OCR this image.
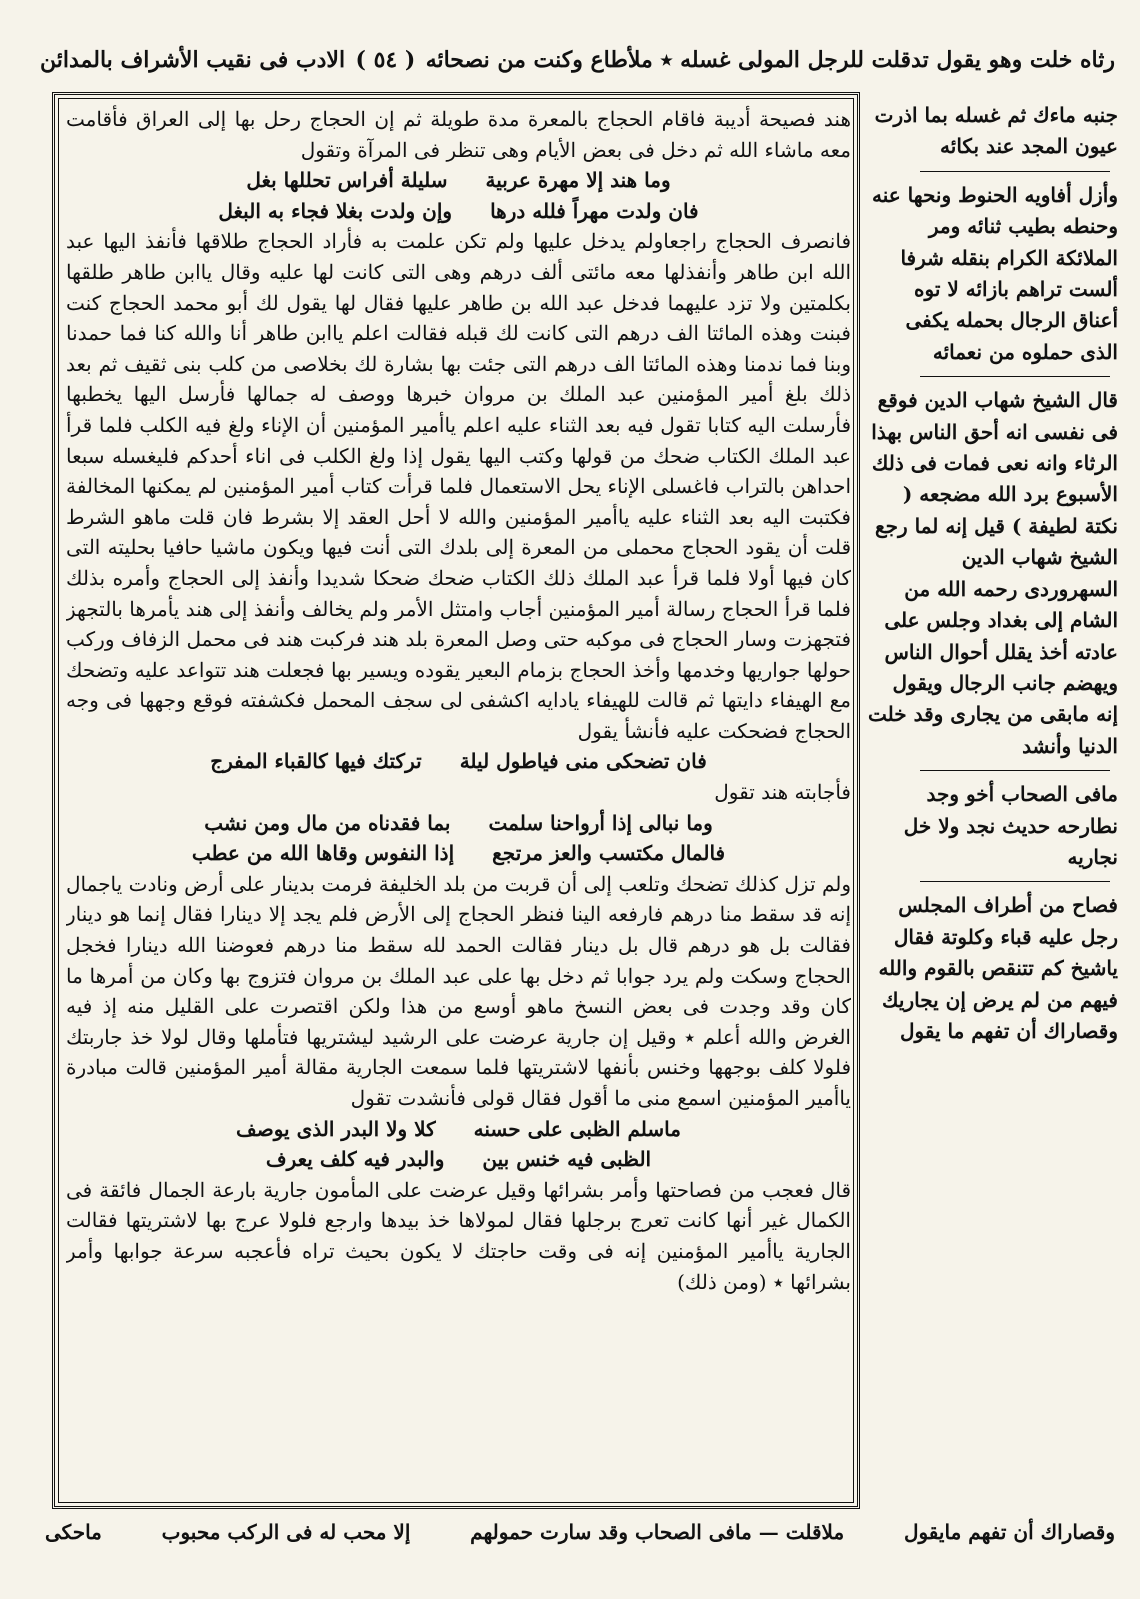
رثاه خلت وهو يقول تدقلت للرجل المولى غسله ٭ ملأطاع وكنت من نصحائه
( ٥٤ )
الادب فى نقيب الأشراف بالمدائن

هند فصيحة أديبة فاقام الحجاج بالمعرة مدة طويلة ثم إن الحجاج رحل بها إلى العراق فأقامت معه ماشاء الله ثم دخل فى بعض الأيام وهى تنظر فى المرآة وتقول

وما هند إلا مهرة عربية
سليلة أفراس تحللها بغل
فان ولدت مهراً فلله درها
وإن ولدت بغلا فجاء به البغل

فانصرف الحجاج راجعاولم يدخل عليها ولم تكن علمت به فأراد الحجاج طلاقها فأنفذ اليها عبد الله ابن طاهر وأنفذلها معه مائتى ألف درهم وهى التى كانت لها عليه وقال ياابن طاهر طلقها بكلمتين ولا تزد عليهما فدخل عبد الله بن طاهر عليها فقال لها يقول لك أبو محمد الحجاج كنت فبنت وهذه المائتا الف درهم التى كانت لك قبله فقالت اعلم ياابن طاهر أنا والله كنا فما حمدنا وبنا فما ندمنا وهذه المائتا الف درهم التى جئت بها بشارة لك بخلاصى من كلب بنى ثقيف ثم بعد ذلك بلغ أمير المؤمنين عبد الملك بن مروان خبرها ووصف له جمالها فأرسل اليها يخطبها فأرسلت اليه كتابا تقول فيه بعد الثناء عليه اعلم ياأمير المؤمنين أن الإناء ولغ فيه الكلب فلما قرأ عبد الملك الكتاب ضحك من قولها وكتب اليها يقول إذا ولغ الكلب فى اناء أحدكم فليغسله سبعا احداهن بالتراب فاغسلى الإناء يحل الاستعمال فلما قرأت كتاب أمير المؤمنين لم يمكنها المخالفة فكتبت اليه بعد الثناء عليه ياأمير المؤمنين والله لا أحل العقد إلا بشرط فان قلت ماهو الشرط قلت أن يقود الحجاج محملى من المعرة إلى بلدك التى أنت فيها ويكون ماشيا حافيا بحليته التى كان فيها أولا فلما قرأ عبد الملك ذلك الكتاب ضحك ضحكا شديدا وأنفذ إلى الحجاج وأمره بذلك فلما قرأ الحجاج رسالة أمير المؤمنين أجاب وامتثل الأمر ولم يخالف وأنفذ إلى هند يأمرها بالتجهز فتجهزت وسار الحجاج فى موكبه حتى وصل المعرة بلد هند فركبت هند فى محمل الزفاف وركب حولها جواريها وخدمها وأخذ الحجاج بزمام البعير يقوده ويسير بها فجعلت هند تتواعد عليه وتضحك مع الهيفاء دايتها ثم قالت للهيفاء يادايه اكشفى لى سجف المحمل فكشفته فوقع وجهها فى وجه الحجاج فضحكت عليه فأنشأ يقول

فان تضحكى منى فياطول ليلة
تركتك فيها كالقباء المفرج

فأجابته هند تقول

وما نبالى إذا أرواحنا سلمت
بما فقدناه من مال ومن نشب
فالمال مكتسب والعز مرتجع
إذا النفوس وقاها الله من عطب

ولم تزل كذلك تضحك وتلعب إلى أن قربت من بلد الخليفة فرمت بدينار على أرض ونادت ياجمال إنه قد سقط منا درهم فارفعه الينا فنظر الحجاج إلى الأرض فلم يجد إلا دينارا فقال إنما هو دينار فقالت بل هو درهم قال بل دينار فقالت الحمد لله سقط منا درهم فعوضنا الله دينارا فخجل الحجاج وسكت ولم يرد جوابا ثم دخل بها على عبد الملك بن مروان فتزوج بها وكان من أمرها ما كان وقد وجدت فى بعض النسخ ماهو أوسع من هذا ولكن اقتصرت على القليل منه إذ فيه الغرض والله أعلم ٭ وقيل إن جارية عرضت على الرشيد ليشتريها فتأملها وقال لولا خذ جاربتك فلولا كلف بوجهها وخنس بأنفها لاشتريتها فلما سمعت الجارية مقالة أمير المؤمنين قالت مبادرة ياأمير المؤمنين اسمع منى ما أقول فقال قولى فأنشدت تقول

ماسلم الظبى على حسنه
كلا ولا البدر الذى يوصف
الظبى فيه خنس بين
والبدر فيه كلف يعرف

قال فعجب من فصاحتها وأمر بشرائها وقيل عرضت على المأمون جارية بارعة الجمال فائقة فى الكمال غير أنها كانت تعرج برجلها فقال لمولاها خذ بيدها وارجع فلولا عرج بها لاشتريتها فقالت الجارية ياأمير المؤمنين إنه فى وقت حاجتك لا يكون بحيث تراه فأعجبه سرعة جوابها وأمر بشرائها ٭ (ومن ذلك)

جنبه ماءك ثم غسله بما اذرت عيون المجد عند بكائه

وأزل أفاويه الحنوط ونحها عنه وحنطه بطيب ثنائه ومر الملائكة الكرام بنقله شرفا ألست تراهم بازائه لا توه أعناق الرجال بحمله يكفى الذى حملوه من نعمائه

قال الشيخ شهاب الدين فوقع فى نفسى انه أحق الناس بهذا الرثاء وانه نعى فمات فى ذلك الأسبوع برد الله مضجعه ( نكتة لطيفة ) قيل إنه لما رجع الشيخ شهاب الدين السهروردى رحمه الله من الشام إلى بغداد وجلس على عادته أخذ يقلل أحوال الناس ويهضم جانب الرجال ويقول إنه مابقى من يجارى وقد خلت الدنيا وأنشد

مافى الصحاب أخو وجد نطارحه حديث نجد ولا خل نجاريه

فصاح من أطراف المجلس رجل عليه قباء وكلوتة فقال ياشيخ كم تتنقص بالقوم والله فيهم من لم يرض إن يجاريك وقصاراك أن تفهم ما يقول

وقصاراك أن تفهم مايقول
ملاقلت — مافى الصحاب وقد سارت حمولهم
إلا محب له فى الركب محبوب
ماحكى
